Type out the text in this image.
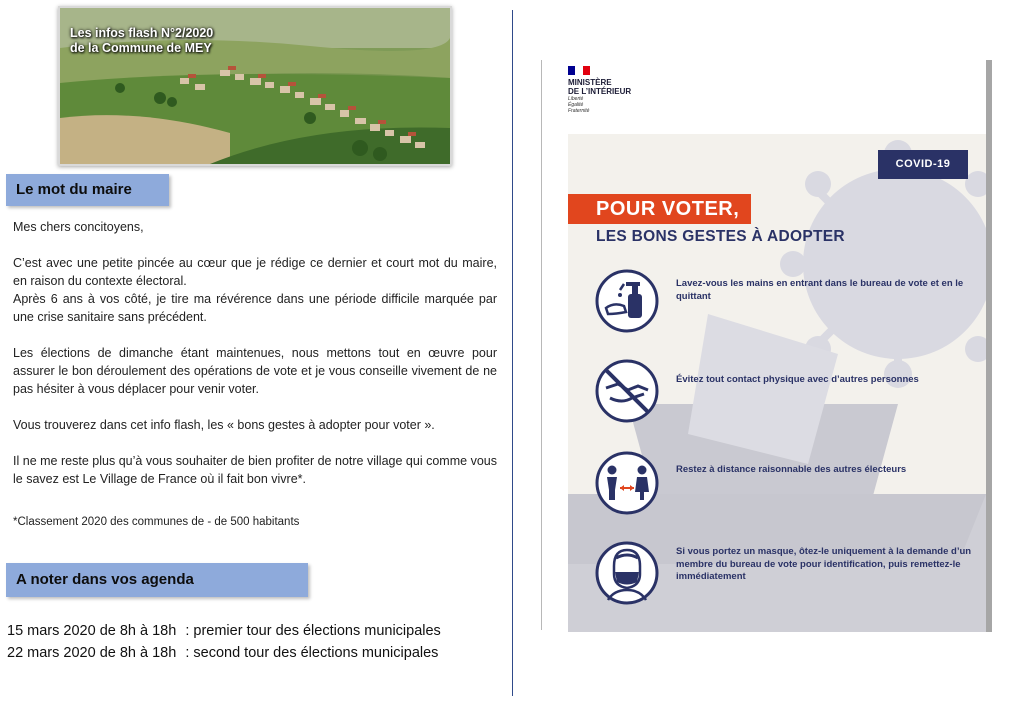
Les infos flash N°2/2020
de la Commune de MEY
Le mot du maire

Mes chers concitoyens,

C’est avec une petite pincée au cœur que je rédige ce dernier et court mot du maire, en raison du contexte électoral.

Après 6 ans à vos côté, je tire ma révérence dans une période difficile marquée par une crise sanitaire sans précédent.

Les élections de dimanche étant maintenues, nous mettons tout en œuvre pour assurer le bon déroulement des opérations de vote et je vous conseille vivement de ne pas hésiter à vous déplacer pour venir voter.

Vous trouverez dans cet info flash, les « bons gestes à adopter pour voter ».

Il ne me reste plus qu’à vous souhaiter de bien profiter de notre village qui comme vous le savez est Le Village de France où il fait bon vivre*.

*Classement 2020 des communes de - de 500 habitants
A noter dans vos agenda
15 mars 2020 de 8h à 18h : premier tour des élections municipales
22 mars 2020 de 8h à 18h : second tour des élections municipales
MINISTÈRE
DE L’INTÉRIEUR
Liberté
Égalité
Fraternité
COVID-19
POUR VOTER,
LES BONS GESTES À ADOPTER
Lavez-vous les mains en entrant dans le bureau de vote et en le quittant
Évitez tout contact physique avec d’autres personnes
Restez à distance raisonnable des autres électeurs
Si vous portez un masque, ôtez-le uniquement à la demande d’un membre du bureau de vote pour identification, puis remettez-le immédiatement
